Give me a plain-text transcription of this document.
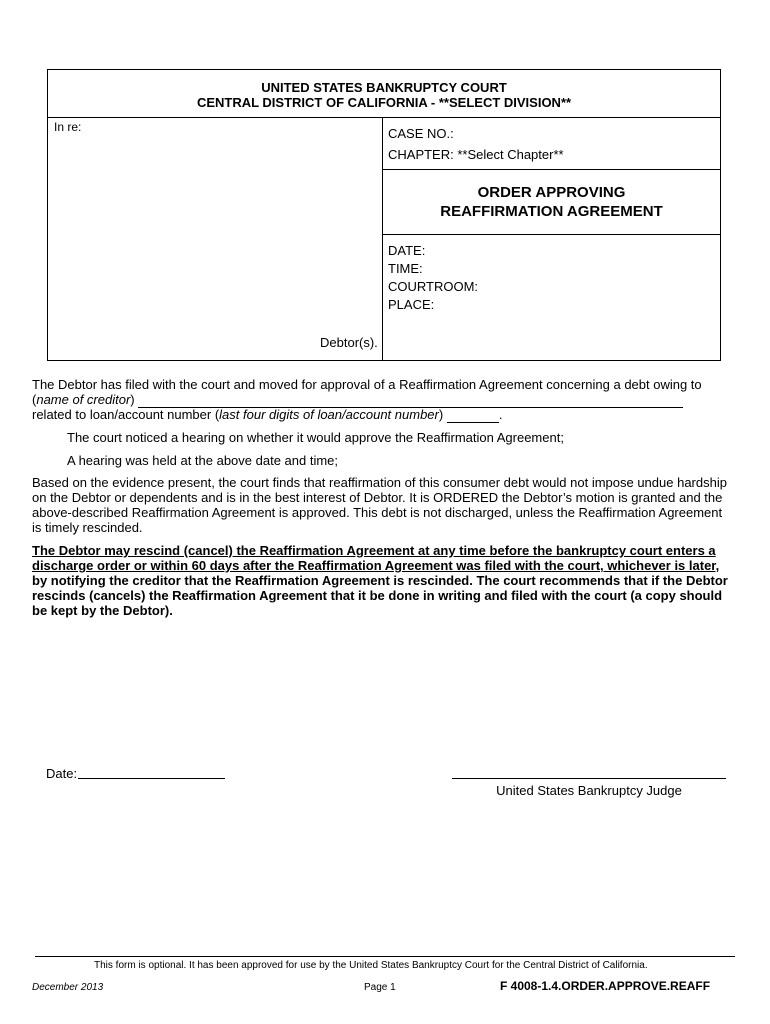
UNITED STATES BANKRUPTCY COURT
CENTRAL DISTRICT OF CALIFORNIA - **SELECT DIVISION**
In re:	CASE NO.:
CHAPTER: **Select Chapter**
ORDER APPROVING
REAFFIRMATION AGREEMENT
DATE:
TIME:
COURTROOM:
PLACE:
Debtor(s).
The Debtor has filed with the court and moved for approval of a Reaffirmation Agreement concerning a debt owing to
(name of creditor)
related to loan/account number (last four digits of loan/account number)	.
The court noticed a hearing on whether it would approve the Reaffirmation Agreement;
A hearing was held at the above date and time;
Based on the evidence present, the court finds that reaffirmation of this consumer debt would not impose undue hardship
on the Debtor or dependents and is in the best interest of Debtor. It is ORDERED the Debtor’s motion is granted and the
above-described Reaffirmation Agreement is approved. This debt is not discharged, unless the Reaffirmation Agreement
is timely rescinded.
The Debtor may rescind (cancel) the Reaffirmation Agreement at any time before the bankruptcy court enters a
discharge order or within 60 days after the Reaffirmation Agreement was filed with the court, whichever is later,
by notifying the creditor that the Reaffirmation Agreement is rescinded. The court recommends that if the Debtor
rescinds (cancels) the Reaffirmation Agreement that it be done in writing and filed with the court (a copy should
be kept by the Debtor).
Date:
United States Bankruptcy Judge
This form is optional. It has been approved for use by the United States Bankruptcy Court for the Central District of California.
December 2013	Page 1	F 4008-1.4.ORDER.APPROVE.REAFF
